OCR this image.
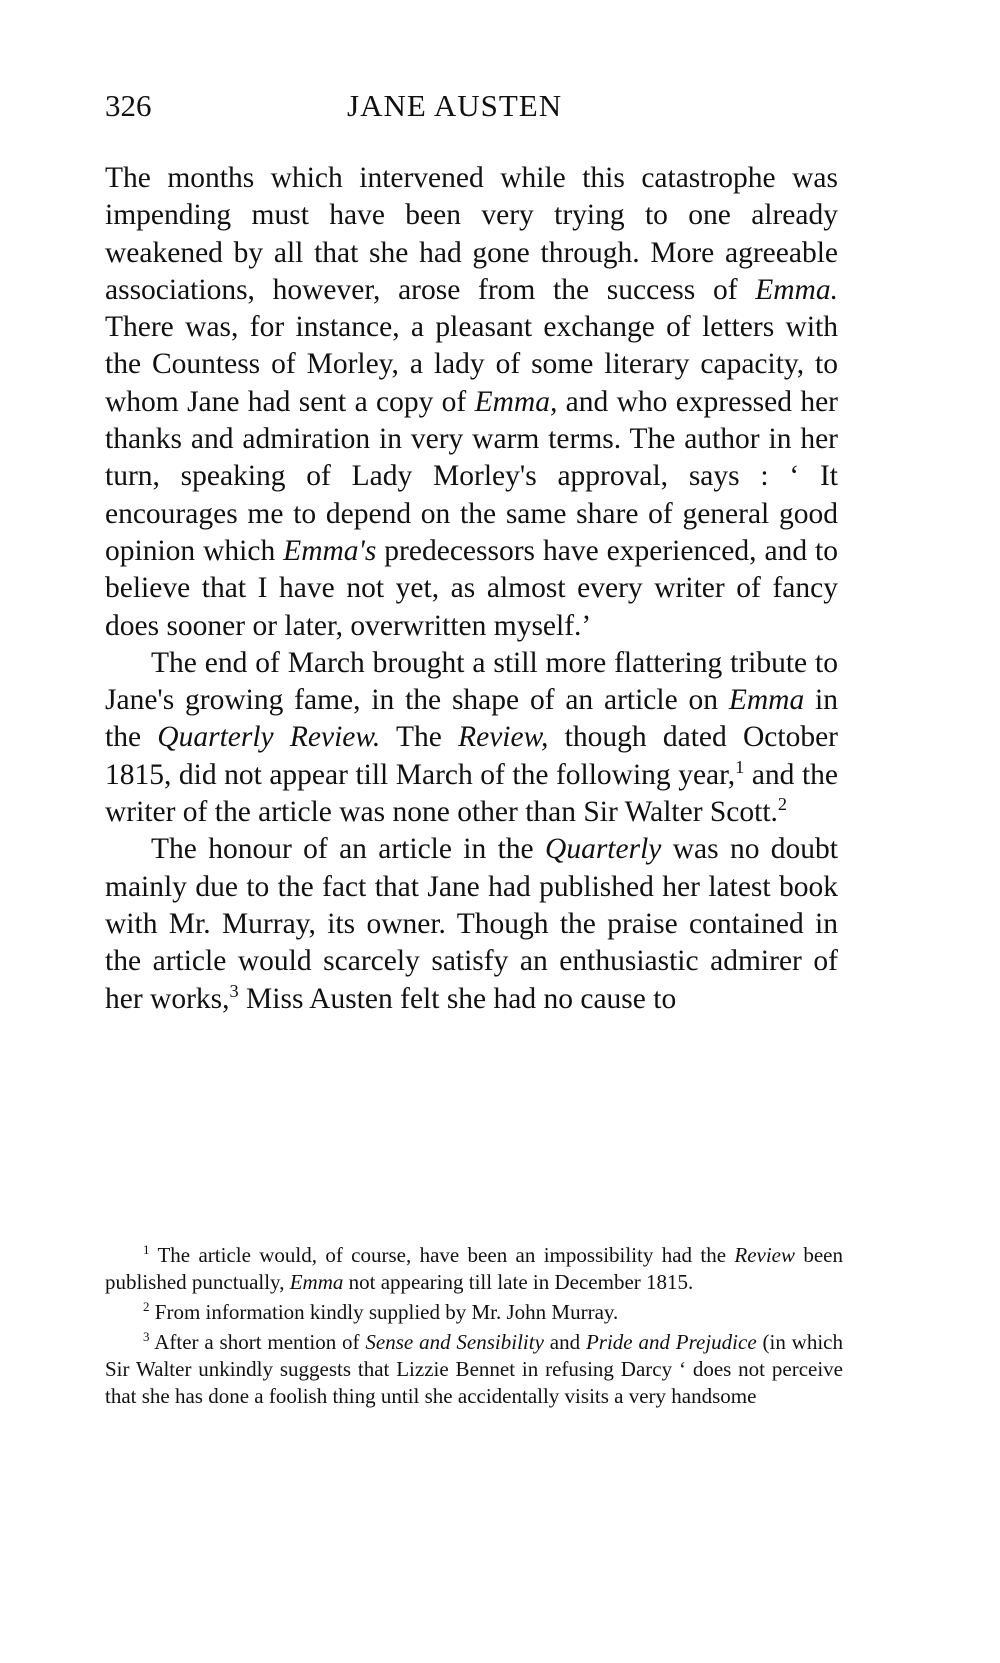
326	JANE AUSTEN

The months which intervened while this catastrophe was impending must have been very trying to one already weakened by all that she had gone through. More agreeable associations, however, arose from the success of Emma. There was, for instance, a pleasant exchange of letters with the Countess of Morley, a lady of some literary capacity, to whom Jane had sent a copy of Emma, and who expressed her thanks and admiration in very warm terms. The author in her turn, speaking of Lady Morley's approval, says : ‘ It encourages me to depend on the same share of general good opinion which Emma's predecessors have experienced, and to believe that I have not yet, as almost every writer of fancy does sooner or later, overwritten myself.’

The end of March brought a still more flattering tribute to Jane's growing fame, in the shape of an article on Emma in the Quarterly Review. The Review, though dated October 1815, did not appear till March of the following year,$^1$ and the writer of the article was none other than Sir Walter Scott.$^2$

The honour of an article in the Quarterly was no doubt mainly due to the fact that Jane had published her latest book with Mr. Murray, its owner. Though the praise contained in the article would scarcely satisfy an enthusiastic admirer of her works,$^3$ Miss Austen felt she had no cause to

$^1$ The article would, of course, have been an impossibility had the Review been published punctually, Emma not appearing till late in December 1815.

$^2$ From information kindly supplied by Mr. John Murray.

$^3$ After a short mention of Sense and Sensibility and Pride and Prejudice (in which Sir Walter unkindly suggests that Lizzie Bennet in refusing Darcy ‘ does not perceive that she has done a foolish thing until she accidentally visits a very handsome
